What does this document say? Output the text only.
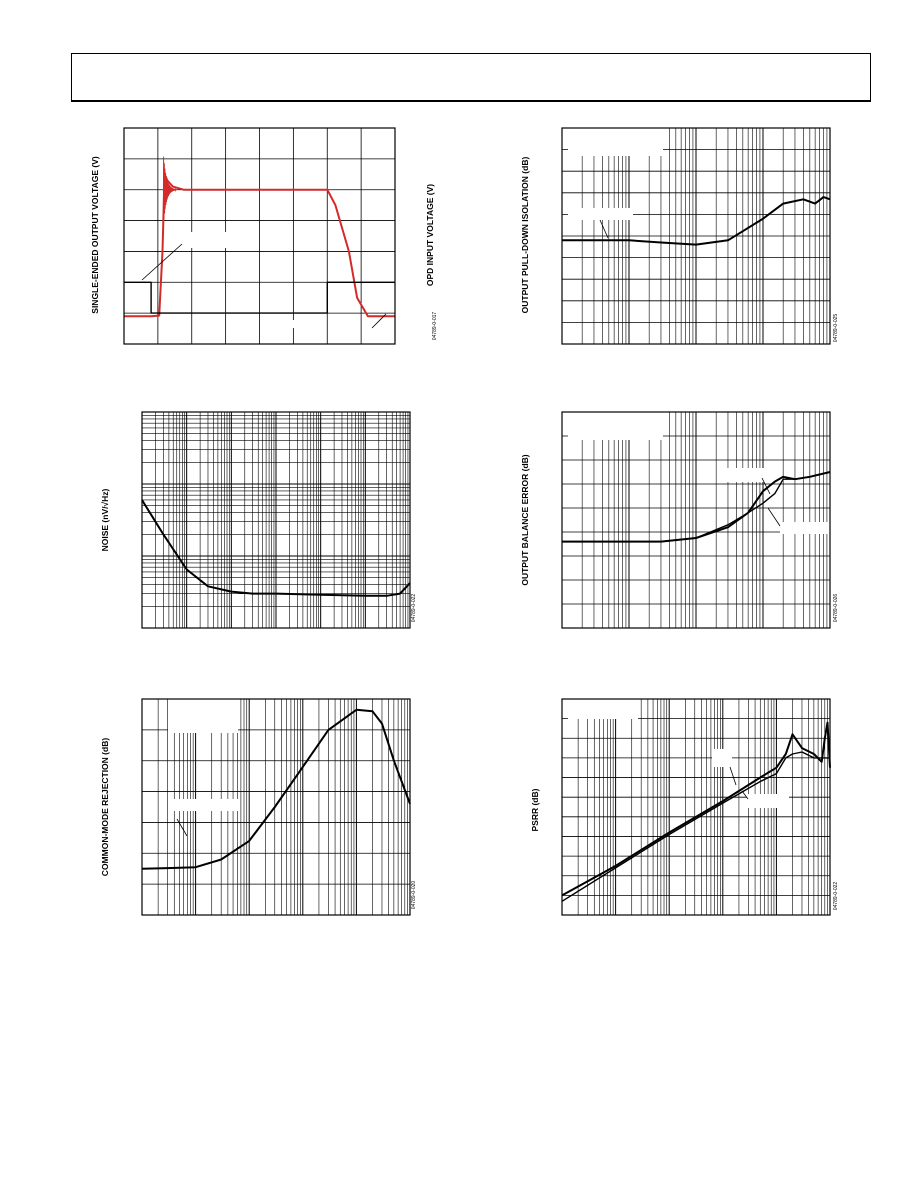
SINGLE-ENDED OUTPUT VOLTAGE (V)	OPD INPUT VOLTAGE (V)
04789-0-017
NOISE (nV/√Hz)
04789-0-022
COMMON-MODE REJECTION (dB)
04789-0-020
OUTPUT PULL-DOWN ISOLATION (dB)
04789-0-025
OUTPUT BALANCE ERROR (dB)
04789-0-026
PSRR (dB)
04789-0-022
